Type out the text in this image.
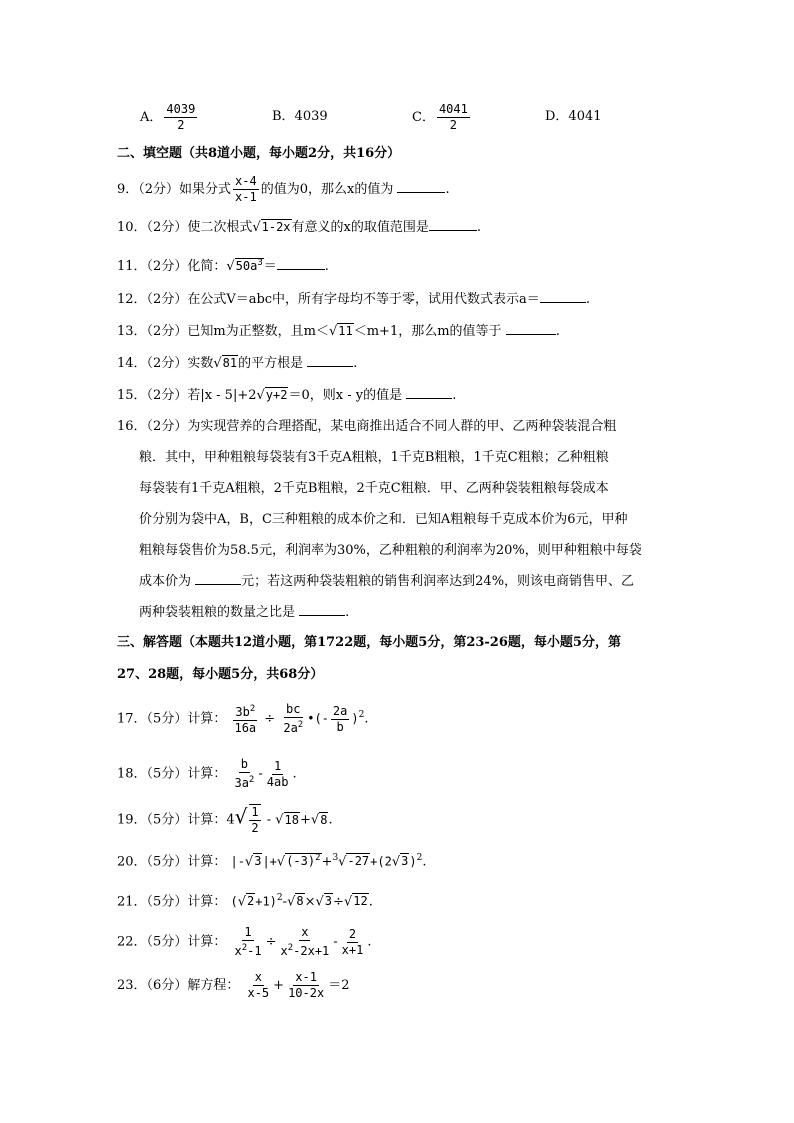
A． $\frac{4039}{2}$	B．4039	C． $\frac{4041}{2}$	D．4041
二、填空题（共8道小题，每小题2分，共16分）
9．（2分）如果分式 $\frac{x-4}{x-1}$ 的值为0，那么x的值为	.
10．（2分）使二次根式√1-2x有意义的x的取值范围是	.
11．（2分）化简：$√50a^3=$	.
12．（2分）在公式V＝abc中，所有字母均不等于零，试用代数式表示a＝	.
13．（2分）已知m为正整数，且m＜√11＜m+1，那么m的值等于	.
14．（2分）实数√81的平方根是	.
15．（2分）若|x - 5|+2√y+2＝0，则x - y的值是	.
16．（2分）为实现营养的合理搭配，某电商推出适合不同人群的甲、乙两种袋装混合粗
粮．其中，甲种粗粮每袋装有3千克A粗粮，1千克B粗粮，1千克C粗粮；乙种粗粮
每袋装有1千克A粗粮，2千克B粗粮，2千克C粗粮．甲、乙两种袋装粗粮每袋成本
价分别为袋中A，B，C三种粗粮的成本价之和．已知A粗粮每千克成本价为6元，甲种
粗粮每袋售价为58.5元，利润率为30%，乙种粗粮的利润率为20%，则甲种粗粮中每袋
成本价为	元；若这两种袋装粗粮的销售利润率达到24%，则该电商销售甲、乙
两种袋装粗粮的数量之比是	.
三、解答题（本题共12道小题，第1722题，每小题5分，第23-26题，每小题5分，第
27、28题，每小题5分，共68分）
17．（5分）计算： $\frac{3b^2}{16a} \div \frac{bc}{2a^2}$ •(- $\frac{2a}{b} )^2$.
18．（5分）计算： $\frac{b}{3a^2} - \frac{1}{4ab}$ .
19．（5分）计算：$4√ \frac{1}{2} - √18+√8$.
20．（5分）计算： $|-√3|+√(-3)^2+^3√-27+(2√3)^2$.
21．（5分）计算： $(√2+1)^2-√8\times√3\div√12$.
22．（5分）计算： $\frac{1}{x^2-1} \div \frac{x}{x^2-2x+1} - \frac{2}{x+1}$ .
23．（6分）解方程： $\frac{x}{x-5} + \frac{x-1}{10-2x} =2$
